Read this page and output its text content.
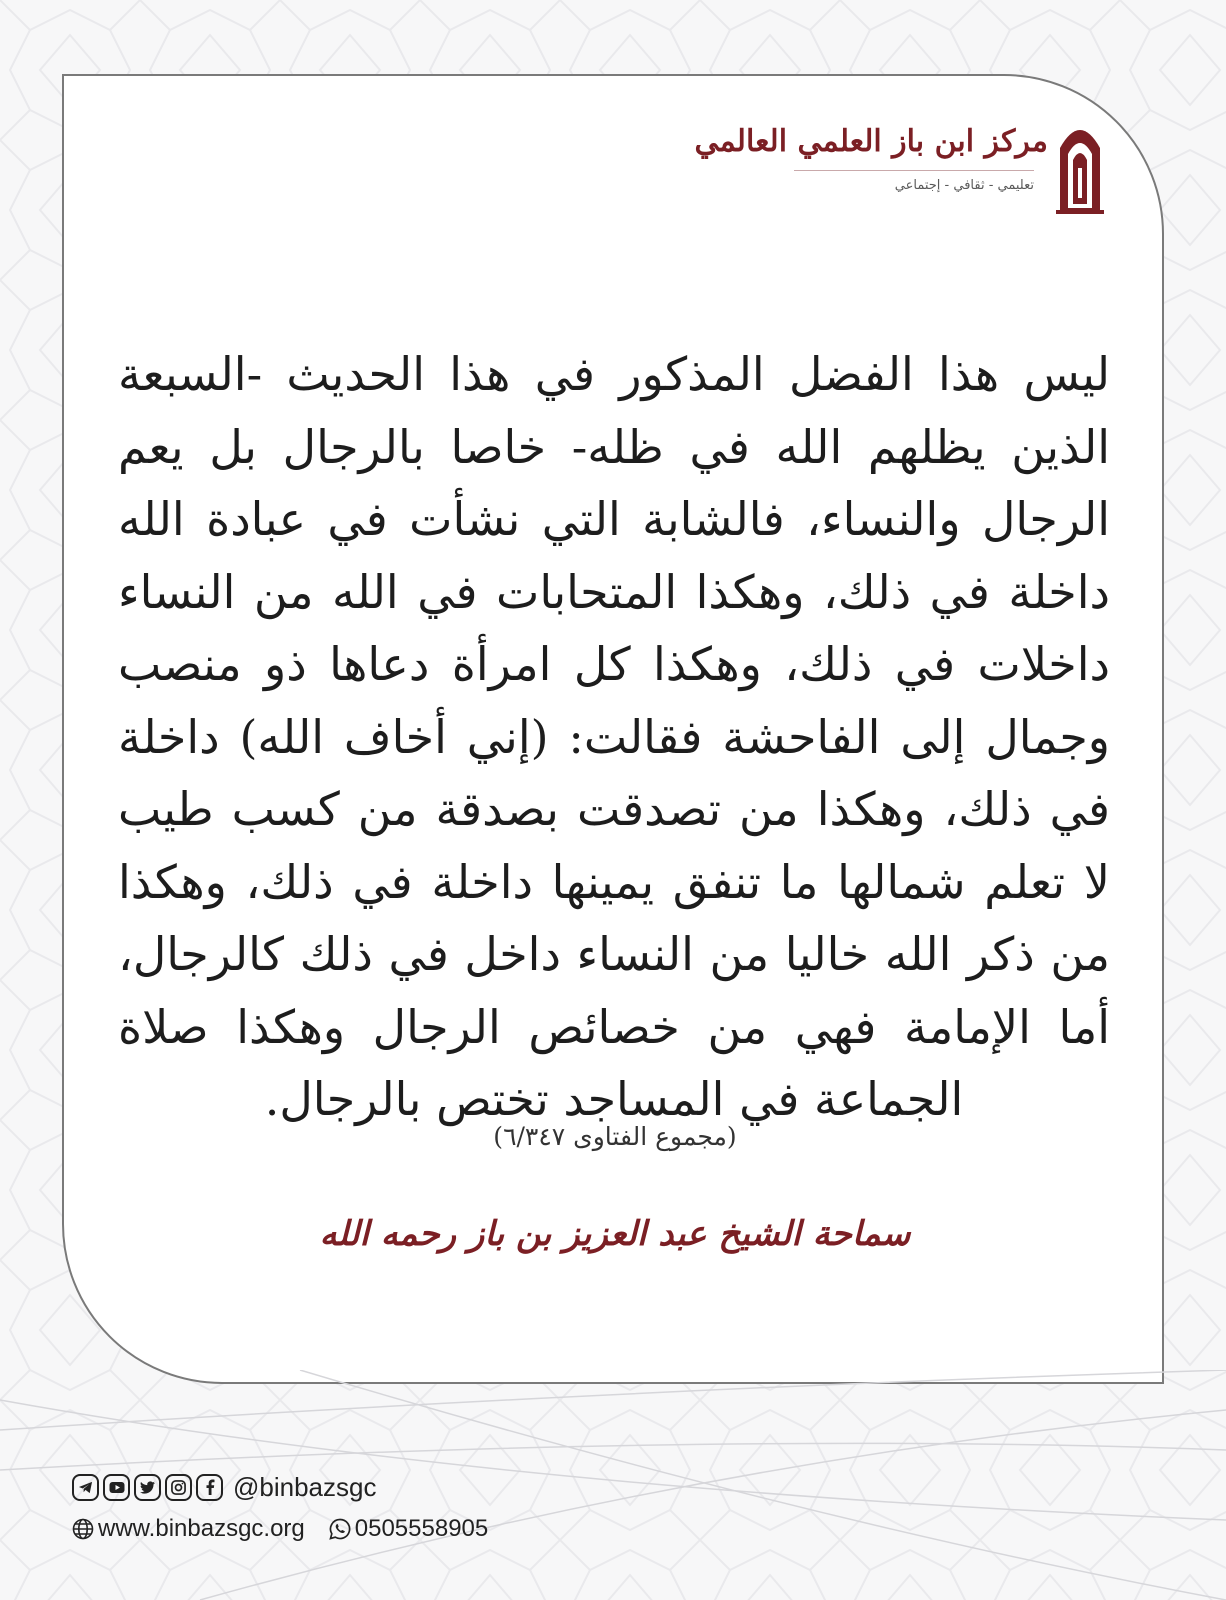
مركز ابن باز العلمي العالمي
تعليمي - ثقافي - إجتماعي

ليس هذا الفضل المذكور في هذا الحديث -السبعة الذين يظلهم الله في ظله- خاصا بالرجال بل يعم الرجال والنساء، فالشابة التي نشأت في عبادة الله داخلة في ذلك، وهكذا المتحابات في الله من النساء داخلات في ذلك، وهكذا كل امرأة دعاها ذو منصب وجمال إلى الفاحشة فقالت: (إني أخاف الله) داخلة في ذلك، وهكذا من تصدقت بصدقة من كسب طيب لا تعلم شمالها ما تنفق يمينها داخلة في ذلك، وهكذا من ذكر الله خاليا من النساء داخل في ذلك كالرجال، أما الإمامة فهي من خصائص الرجال وهكذا صلاة الجماعة في المساجد تختص بالرجال.

(مجموع الفتاوى ٦/٣٤٧)
سماحة الشيخ عبد العزيز بن باز رحمه الله
@binbazsgc
www.binbazsgc.org 0505558905
